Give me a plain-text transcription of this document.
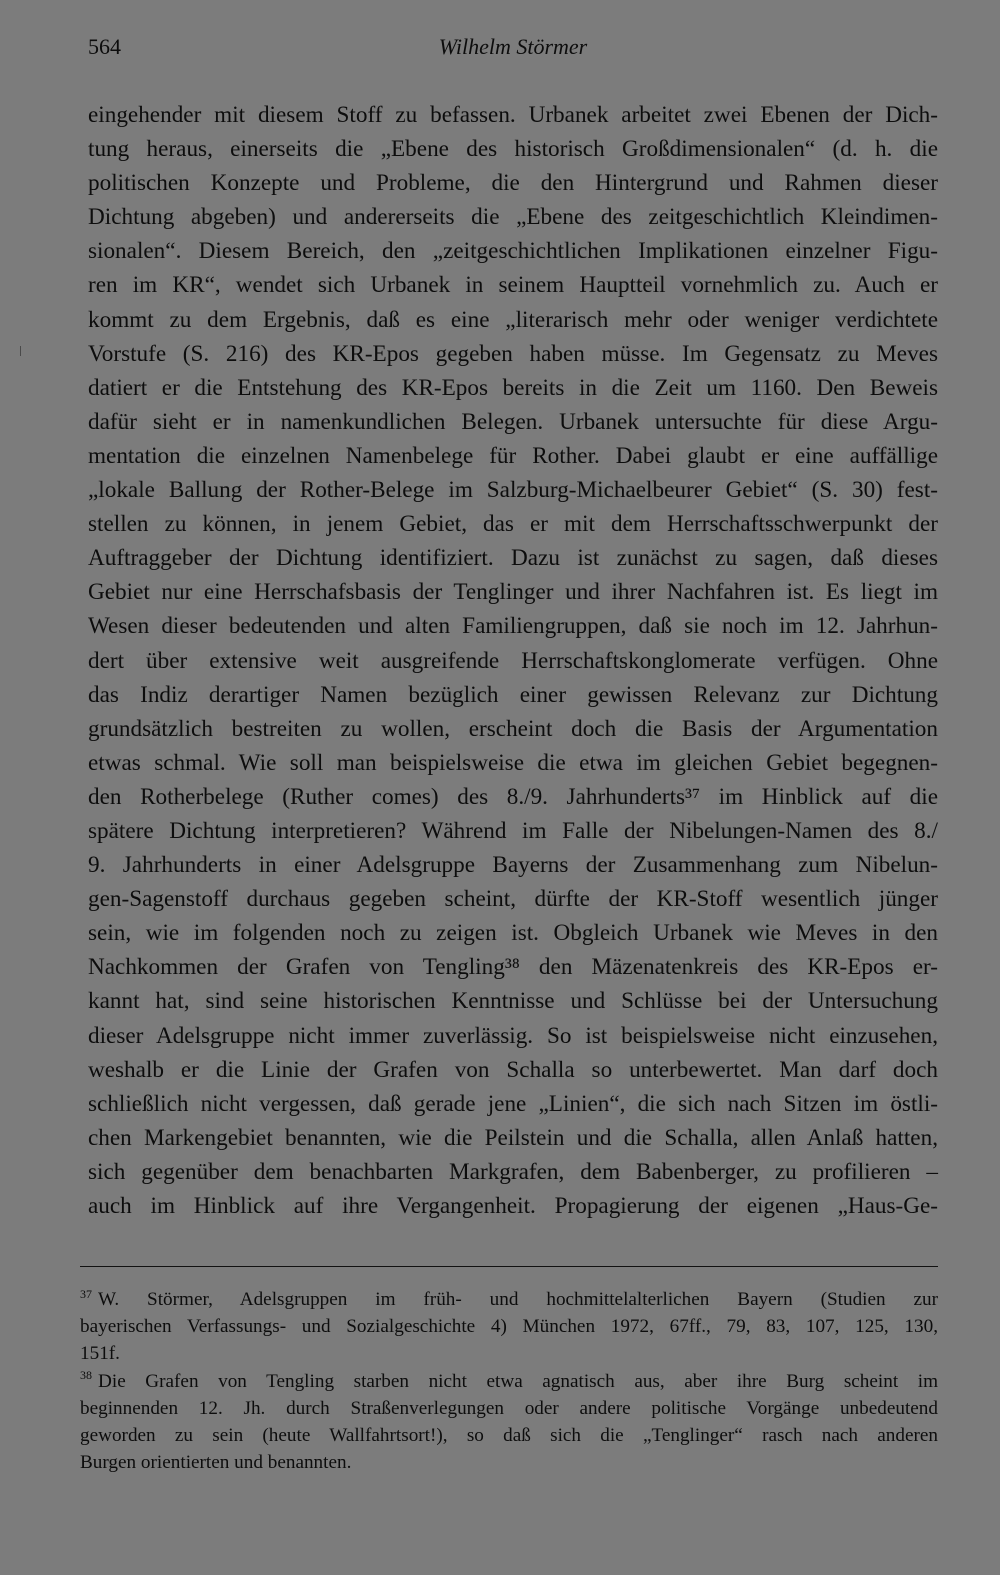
564	Wilhelm Störmer
eingehender mit diesem Stoff zu befassen. Urbanek arbeitet zwei Ebenen der Dich-
tung heraus, einerseits die „Ebene des historisch Großdimensionalen“ (d. h. die
politischen Konzepte und Probleme, die den Hintergrund und Rahmen dieser
Dichtung abgeben) und andererseits die „Ebene des zeitgeschichtlich Kleindimen-
sionalen“. Diesem Bereich, den „zeitgeschichtlichen Implikationen einzelner Figu-
ren im KR“, wendet sich Urbanek in seinem Hauptteil vornehmlich zu. Auch er
kommt zu dem Ergebnis, daß es eine „literarisch mehr oder weniger verdichtete
Vorstufe (S. 216) des KR-Epos gegeben haben müsse. Im Gegensatz zu Meves
datiert er die Entstehung des KR-Epos bereits in die Zeit um 1160. Den Beweis
dafür sieht er in namenkundlichen Belegen. Urbanek untersuchte für diese Argu-
mentation die einzelnen Namenbelege für Rother. Dabei glaubt er eine auffällige
„lokale Ballung der Rother-Belege im Salzburg-Michaelbeurer Gebiet“ (S. 30) fest-
stellen zu können, in jenem Gebiet, das er mit dem Herrschaftsschwerpunkt der
Auftraggeber der Dichtung identifiziert. Dazu ist zunächst zu sagen, daß dieses
Gebiet nur eine Herrschafsbasis der Tenglinger und ihrer Nachfahren ist. Es liegt im
Wesen dieser bedeutenden und alten Familiengruppen, daß sie noch im 12. Jahrhun-
dert über extensive weit ausgreifende Herrschaftskonglomerate verfügen. Ohne
das Indiz derartiger Namen bezüglich einer gewissen Relevanz zur Dichtung
grundsätzlich bestreiten zu wollen, erscheint doch die Basis der Argumentation
etwas schmal. Wie soll man beispielsweise die etwa im gleichen Gebiet begegnen-
den Rotherbelege (Ruther comes) des 8./9. Jahrhunderts³⁷ im Hinblick auf die
spätere Dichtung interpretieren? Während im Falle der Nibelungen-Namen des 8./
9. Jahrhunderts in einer Adelsgruppe Bayerns der Zusammenhang zum Nibelun-
gen-Sagenstoff durchaus gegeben scheint, dürfte der KR-Stoff wesentlich jünger
sein, wie im folgenden noch zu zeigen ist. Obgleich Urbanek wie Meves in den
Nachkommen der Grafen von Tengling³⁸ den Mäzenatenkreis des KR-Epos er-
kannt hat, sind seine historischen Kenntnisse und Schlüsse bei der Untersuchung
dieser Adelsgruppe nicht immer zuverlässig. So ist beispielsweise nicht einzusehen,
weshalb er die Linie der Grafen von Schalla so unterbewertet. Man darf doch
schließlich nicht vergessen, daß gerade jene „Linien“, die sich nach Sitzen im östli-
chen Markengebiet benannten, wie die Peilstein und die Schalla, allen Anlaß hatten,
sich gegenüber dem benachbarten Markgrafen, dem Babenberger, zu profilieren –
auch im Hinblick auf ihre Vergangenheit. Propagierung der eigenen „Haus-Ge-
$^{37}$ W. Störmer, Adelsgruppen im früh- und hochmittelalterlichen Bayern (Studien zur
bayerischen Verfassungs- und Sozialgeschichte 4) München 1972, 67ff., 79, 83, 107, 125, 130,
151f.
$^{38}$ Die Grafen von Tengling starben nicht etwa agnatisch aus, aber ihre Burg scheint im
beginnenden 12. Jh. durch Straßenverlegungen oder andere politische Vorgänge unbedeutend
geworden zu sein (heute Wallfahrtsort!), so daß sich die „Tenglinger“ rasch nach anderen
Burgen orientierten und benannten.
